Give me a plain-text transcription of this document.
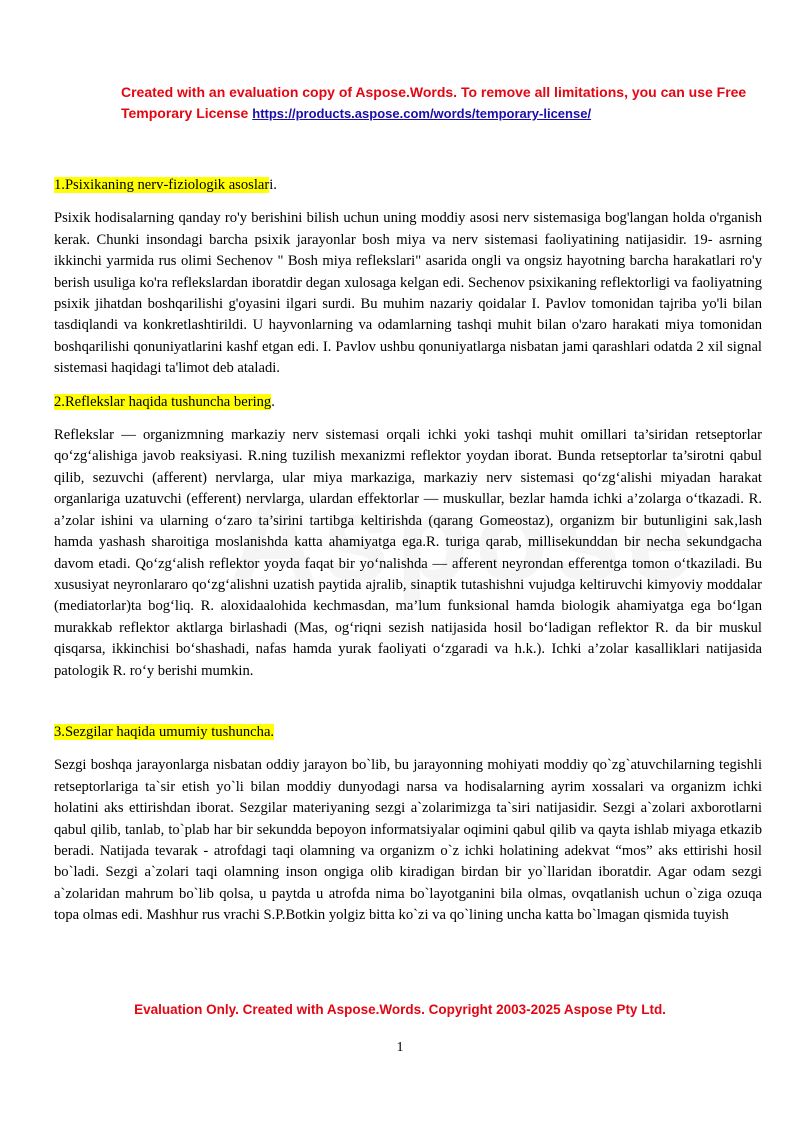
Created with an evaluation copy of Aspose.Words. To remove all limitations, you can use Free Temporary License https://products.aspose.com/words/temporary-license/

1.Psixikaning nerv-fiziologik asoslari.

Psixik hodisalarning qanday ro'y berishini bilish uchun uning moddiy asosi nerv sistemasiga bog'langan holda o'rganish kerak. Chunki insondagi barcha psixik jarayonlar bosh miya va nerv sistemasi faoliyatining natijasidir. 19- asrning ikkinchi yarmida rus olimi Sechenov " Bosh miya reflekslari" asarida ongli va ongsiz hayotning barcha harakatlari ro'y berish usuliga ko'ra reflekslardan iboratdir degan xulosaga kelgan edi. Sechenov psixikaning reflektorligi va faoliyatning psixik jihatdan boshqarilishi g'oyasini ilgari surdi. Bu muhim nazariy qoidalar I. Pavlov tomonidan tajriba yo'li bilan tasdiqlandi va konkretlashtirildi. U hayvonlarning va odamlarning tashqi muhit bilan o'zaro harakati miya tomonidan boshqarilishi qonuniyatlarini kashf etgan edi. I. Pavlov ushbu qonuniyatlarga nisbatan jami qarashlari odatda 2 xil signal sistemasi haqidagi ta'limot deb ataladi.

2.Reflekslar haqida tushuncha bering.

Reflekslar — organizmning markaziy nerv sistemasi orqali ichki yoki tashqi muhit omillari ta’siridan retseptorlar qo‘zg‘alishiga javob reaksiyasi. R.ning tuzilish mexanizmi reflektor yoydan iborat. Bunda retseptorlar ta’sirotni qabul qilib, sezuvchi (afferent) nervlarga, ular miya markaziga, markaziy nerv sistemasi qo‘zg‘alishi miyadan harakat organlariga uzatuvchi (efferent) nervlarga, ulardan effektorlar — muskullar, bezlar hamda ichki a’zolarga o‘tkazadi. R. a’zolar ishini va ularning o‘zaro ta’sirini tartibga keltirishda (qarang Gomeostaz), organizm bir butunligini sak‚lash hamda yashash sharoitiga moslanishda katta ahamiyatga ega.R. turiga qarab, millisekunddan bir necha sekundgacha davom etadi. Qo‘zg‘alish reflektor yoyda faqat bir yo‘nalishda — afferent neyrondan efferentga tomon o‘tkaziladi. Bu xususiyat neyronlararo qo‘zg‘alishni uzatish paytida ajralib, sinaptik tutashishni vujudga keltiruvchi kimyoviy moddalar (mediatorlar)ta bog‘liq. R. aloxidaalohida kechmasdan, ma’lum funksional hamda biologik ahamiyatga ega bo‘lgan murakkab reflektor aktlarga birlashadi (Mas, og‘riqni sezish natijasida hosil bo‘ladigan reflektor R. da bir muskul qisqarsa, ikkinchisi bo‘shashadi, nafas hamda yurak faoliyati o‘zgaradi va h.k.). Ichki a’zolar kasalliklari natijasida patologik R. ro‘y berishi mumkin.

3.Sezgilar haqida umumiy tushuncha.

Sezgi boshqa jarayonlarga nisbatan oddiy jarayon bo`lib, bu jarayonning mohiyati moddiy qo`zg`atuvchilarning tegishli retseptorlariga ta`sir etish yo`li bilan moddiy dunyodagi narsa va hodisalarning ayrim xossalari va organizm ichki holatini aks ettirishdan iborat. Sezgilar materiyaning sezgi a`zolarimizga ta`siri natijasidir. Sezgi a`zolari axborotlarni qabul qilib, tanlab, to`plab har bir sekundda bepoyon informatsiyalar oqimini qabul qilib va qayta ishlab miyaga etkazib beradi. Natijada tevarak - atrofdagi taqi olamning va organizm o`z ichki holatining adekvat “mos” aks ettirishi hosil bo`ladi. Sezgi a`zolari taqi olamning inson ongiga olib kiradigan birdan bir yo`llaridan iboratdir. Agar odam sezgi a`zolaridan mahrum bo`lib qolsa, u paytda u atrofda nima bo`layotganini bila olmas, ovqatlanish uchun o`ziga ozuqa topa olmas edi. Mashhur rus vrachi S.P.Botkin yolgiz bitta ko`zi va qo`lining uncha katta bo`lmagan qismida tuyish

Evaluation Only. Created with Aspose.Words. Copyright 2003-2025 Aspose Pty Ltd.
1
